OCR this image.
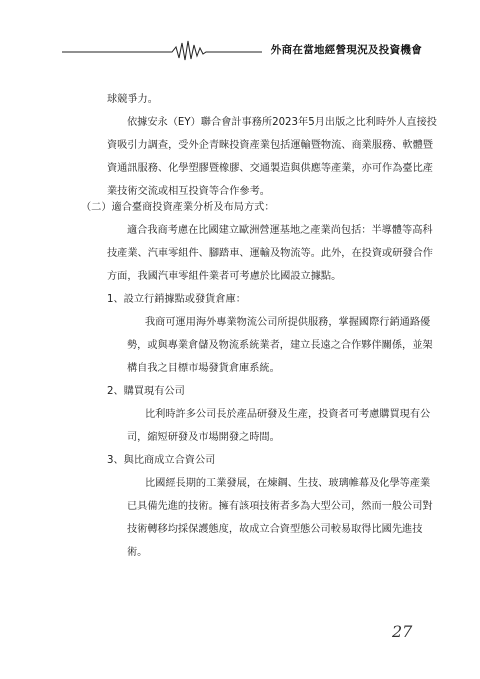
外商在當地經營現況及投資機會
球競爭力。
依據安永（EY）聯合會計事務所2023年5月出版之比利時外人直接投
資吸引力調查，受外企青睞投資產業包括運輸暨物流、商業服務、軟體暨
資通訊服務、化學塑膠暨橡膠、交通製造與供應等產業，亦可作為臺比產
業技術交流或相互投資等合作參考。
（二）適合臺商投資產業分析及布局方式：
適合我商考慮在比國建立歐洲營運基地之產業尚包括：半導體等高科
技產業、汽車零組件、腳踏車、運輸及物流等。此外，在投資或研發合作
方面，我國汽車零組件業者可考慮於比國設立據點。
1、設立行銷據點或發貨倉庫：
我商可運用海外專業物流公司所提供服務，掌握國際行銷通路優
勢，或與專業倉儲及物流系統業者，建立長遠之合作夥伴關係，並架
構自我之目標市場發貨倉庫系統。
2、購買現有公司
比利時許多公司長於產品研發及生產，投資者可考慮購買現有公
司，縮短研發及市場開發之時間。
3、與比商成立合資公司
比國經長期的工業發展，在煉鋼、生技、玻璃帷幕及化學等產業
已具備先進的技術。擁有該項技術者多為大型公司，然而一般公司對
技術轉移均採保護態度，故成立合資型態公司較易取得比國先進技
術。
27
